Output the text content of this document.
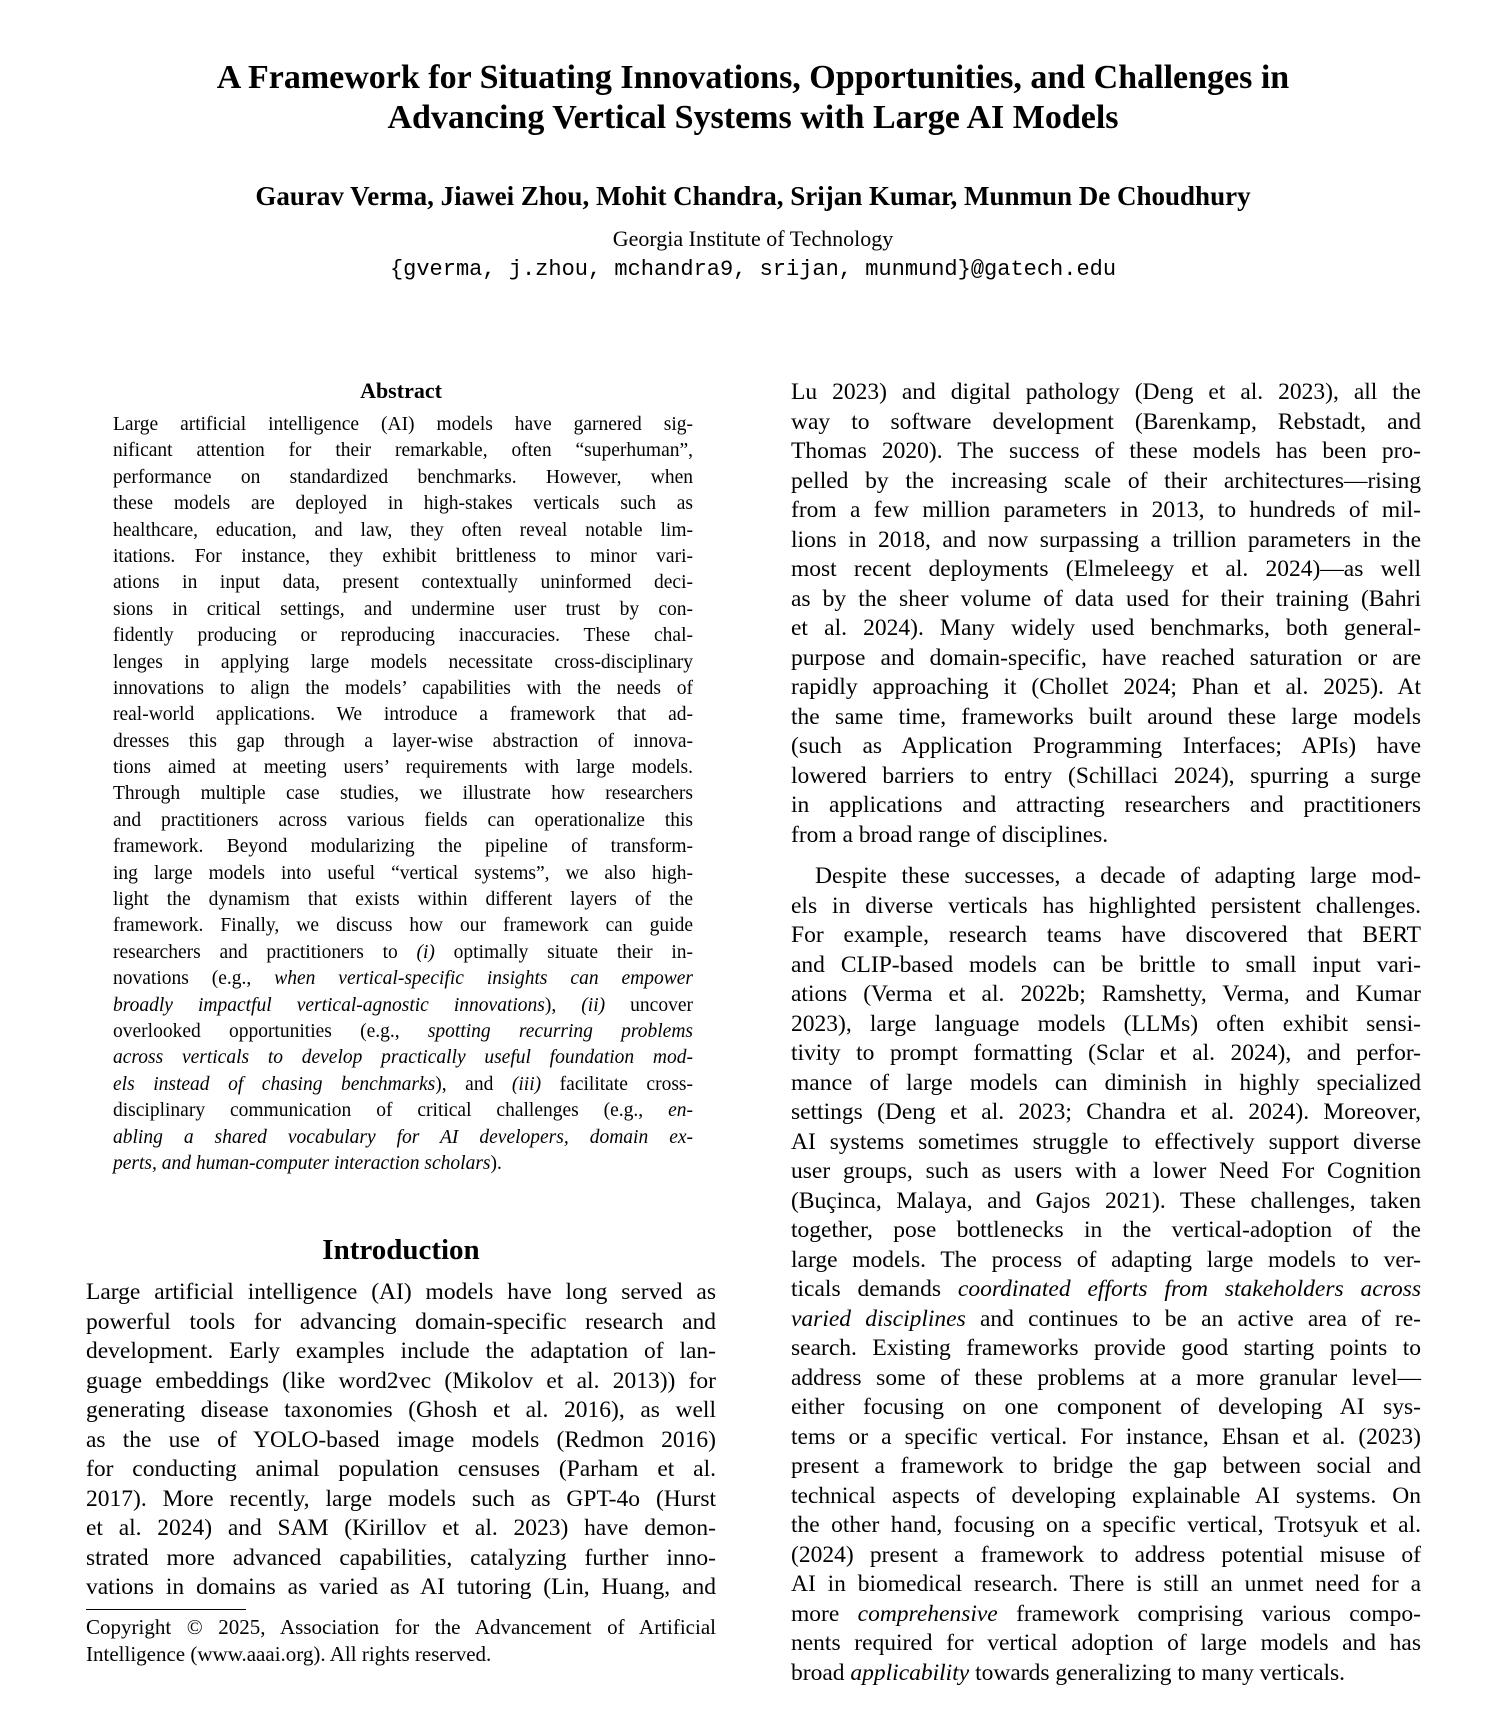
A Framework for Situating Innovations, Opportunities, and Challenges in
Advancing Vertical Systems with Large AI Models
Gaurav Verma, Jiawei Zhou, Mohit Chandra, Srijan Kumar, Munmun De Choudhury
Georgia Institute of Technology
{gverma, j.zhou, mchandra9, srijan, munmund}@gatech.edu
Abstract
Large artificial intelligence (AI) models have garnered sig-
nificant attention for their remarkable, often “superhuman”,
performance on standardized benchmarks. However, when
these models are deployed in high-stakes verticals such as
healthcare, education, and law, they often reveal notable lim-
itations. For instance, they exhibit brittleness to minor vari-
ations in input data, present contextually uninformed deci-
sions in critical settings, and undermine user trust by con-
fidently producing or reproducing inaccuracies. These chal-
lenges in applying large models necessitate cross-disciplinary
innovations to align the models’ capabilities with the needs of
real-world applications. We introduce a framework that ad-
dresses this gap through a layer-wise abstraction of innova-
tions aimed at meeting users’ requirements with large models.
Through multiple case studies, we illustrate how researchers
and practitioners across various fields can operationalize this
framework. Beyond modularizing the pipeline of transform-
ing large models into useful “vertical systems”, we also high-
light the dynamism that exists within different layers of the
framework. Finally, we discuss how our framework can guide
researchers and practitioners to (i) optimally situate their in-
novations (e.g., when vertical-specific insights can empower
broadly impactful vertical-agnostic innovations), (ii) uncover
overlooked opportunities (e.g., spotting recurring problems
across verticals to develop practically useful foundation mod-
els instead of chasing benchmarks), and (iii) facilitate cross-
disciplinary communication of critical challenges (e.g., en-
abling a shared vocabulary for AI developers, domain ex-
perts, and human-computer interaction scholars).
Introduction
Large artificial intelligence (AI) models have long served as
powerful tools for advancing domain-specific research and
development. Early examples include the adaptation of lan-
guage embeddings (like word2vec (Mikolov et al. 2013)) for
generating disease taxonomies (Ghosh et al. 2016), as well
as the use of YOLO-based image models (Redmon 2016)
for conducting animal population censuses (Parham et al.
2017). More recently, large models such as GPT-4o (Hurst
et al. 2024) and SAM (Kirillov et al. 2023) have demon-
strated more advanced capabilities, catalyzing further inno-
vations in domains as varied as AI tutoring (Lin, Huang, and
Lu 2023) and digital pathology (Deng et al. 2023), all the
way to software development (Barenkamp, Rebstadt, and
Thomas 2020). The success of these models has been pro-
pelled by the increasing scale of their architectures—rising
from a few million parameters in 2013, to hundreds of mil-
lions in 2018, and now surpassing a trillion parameters in the
most recent deployments (Elmeleegy et al. 2024)—as well
as by the sheer volume of data used for their training (Bahri
et al. 2024). Many widely used benchmarks, both general-
purpose and domain-specific, have reached saturation or are
rapidly approaching it (Chollet 2024; Phan et al. 2025). At
the same time, frameworks built around these large models
(such as Application Programming Interfaces; APIs) have
lowered barriers to entry (Schillaci 2024), spurring a surge
in applications and attracting researchers and practitioners
from a broad range of disciplines.
Despite these successes, a decade of adapting large mod-
els in diverse verticals has highlighted persistent challenges.
For example, research teams have discovered that BERT
and CLIP-based models can be brittle to small input vari-
ations (Verma et al. 2022b; Ramshetty, Verma, and Kumar
2023), large language models (LLMs) often exhibit sensi-
tivity to prompt formatting (Sclar et al. 2024), and perfor-
mance of large models can diminish in highly specialized
settings (Deng et al. 2023; Chandra et al. 2024). Moreover,
AI systems sometimes struggle to effectively support diverse
user groups, such as users with a lower Need For Cognition
(Buçinca, Malaya, and Gajos 2021). These challenges, taken
together, pose bottlenecks in the vertical-adoption of the
large models. The process of adapting large models to ver-
ticals demands coordinated efforts from stakeholders across
varied disciplines and continues to be an active area of re-
search. Existing frameworks provide good starting points to
address some of these problems at a more granular level—
either focusing on one component of developing AI sys-
tems or a specific vertical. For instance, Ehsan et al. (2023)
present a framework to bridge the gap between social and
technical aspects of developing explainable AI systems. On
the other hand, focusing on a specific vertical, Trotsyuk et al.
(2024) present a framework to address potential misuse of
AI in biomedical research. There is still an unmet need for a
more comprehensive framework comprising various compo-
nents required for vertical adoption of large models and has
broad applicability towards generalizing to many verticals.
Copyright © 2025, Association for the Advancement of Artificial
Intelligence (www.aaai.org). All rights reserved.
